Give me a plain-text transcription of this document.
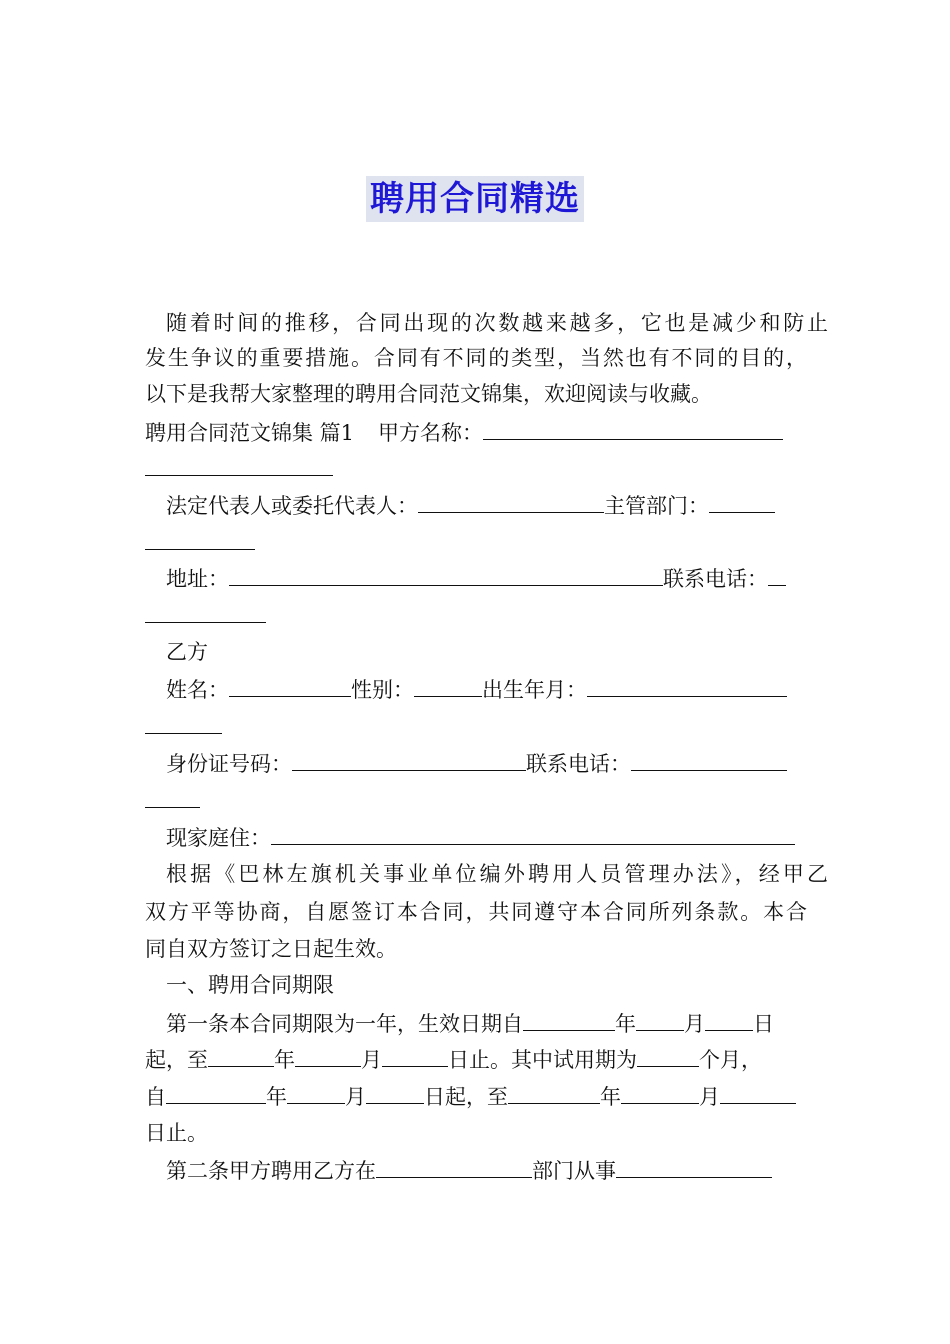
聘用合同精选
随着时间的推移，合同出现的次数越来越多，它也是减少和防止
发生争议的重要措施。合同有不同的类型，当然也有不同的目的，
以下是我帮大家整理的聘用合同范文锦集，欢迎阅读与收藏。
聘用合同范文锦集 篇1 甲方名称：
法定代表人或委托代表人：	主管部门：
地址：	联系电话：
乙方
姓名：	性别：	出生年月：
身份证号码：	联系电话：
现家庭住：
根据《巴林左旗机关事业单位编外聘用人员管理办法》，经甲乙
双方平等协商，自愿签订本合同，共同遵守本合同所列条款。本合
同自双方签订之日起生效。
一、聘用合同期限
第一条本合同期限为一年，生效日期自	年 月 日
起，至	年	月	日止。其中试用期为	个月，
自	年	月	日起，至	年	月
日止。
第二条甲方聘用乙方在	部门从事
